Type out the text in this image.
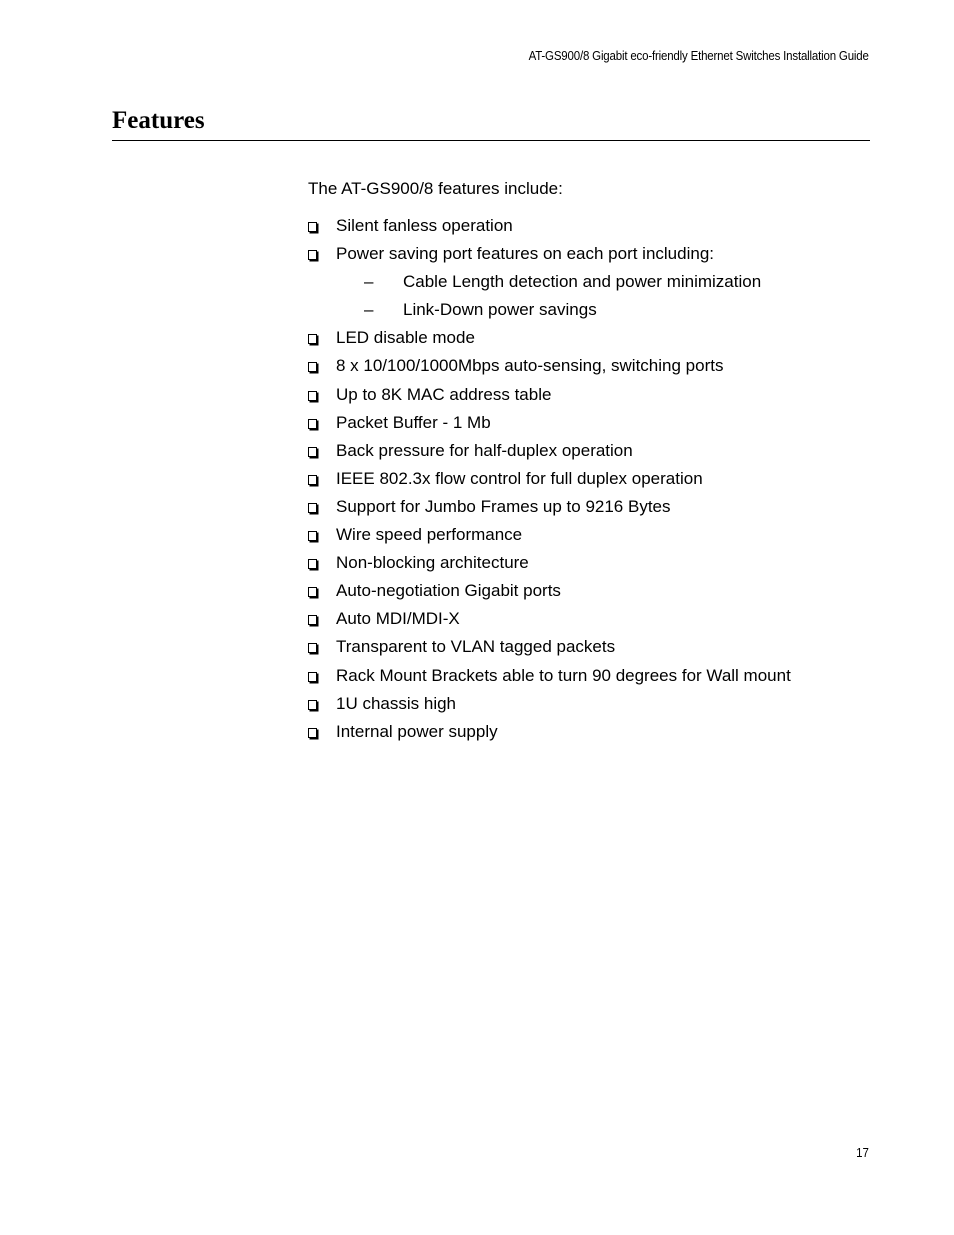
AT-GS900/8 Gigabit eco-friendly Ethernet Switches Installation Guide
Features

The AT-GS900/8 features include:

Silent fanless operation
Power saving port features on each port including:
– Cable Length detection and power minimization
– Link-Down power savings
LED disable mode
8 x 10/100/1000Mbps auto-sensing, switching ports
Up to 8K MAC address table
Packet Buffer - 1 Mb
Back pressure for half-duplex operation
IEEE 802.3x flow control for full duplex operation
Support for Jumbo Frames up to 9216 Bytes
Wire speed performance
Non-blocking architecture
Auto-negotiation Gigabit ports
Auto MDI/MDI-X
Transparent to VLAN tagged packets
Rack Mount Brackets able to turn 90 degrees for Wall mount
1U chassis high
Internal power supply
17
